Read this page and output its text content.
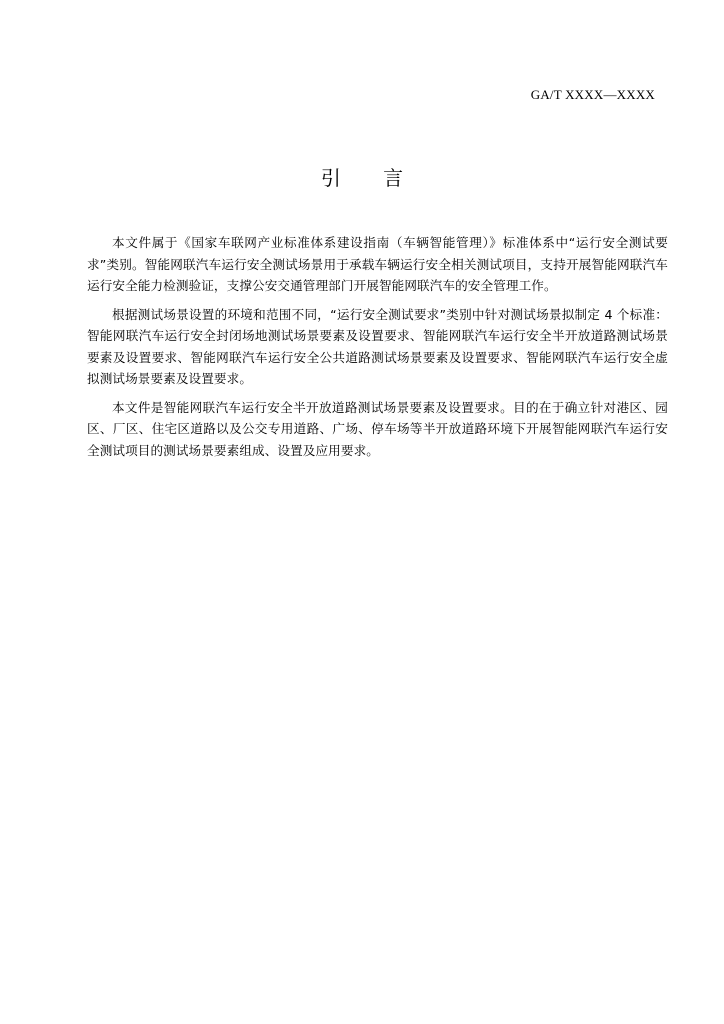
GA/T XXXX—XXXX
引 言

本文件属于《国家车联网产业标准体系建设指南（车辆智能管理）》标准体系中“运行安全测试要求”类别。智能网联汽车运行安全测试场景用于承载车辆运行安全相关测试项目，支持开展智能网联汽车运行安全能力检测验证，支撑公安交通管理部门开展智能网联汽车的安全管理工作。

根据测试场景设置的环境和范围不同，“运行安全测试要求”类别中针对测试场景拟制定 4 个标准：智能网联汽车运行安全封闭场地测试场景要素及设置要求、智能网联汽车运行安全半开放道路测试场景要素及设置要求、智能网联汽车运行安全公共道路测试场景要素及设置要求、智能网联汽车运行安全虚拟测试场景要素及设置要求。

本文件是智能网联汽车运行安全半开放道路测试场景要素及设置要求。目的在于确立针对港区、园区、厂区、住宅区道路以及公交专用道路、广场、停车场等半开放道路环境下开展智能网联汽车运行安全测试项目的测试场景要素组成、设置及应用要求。
